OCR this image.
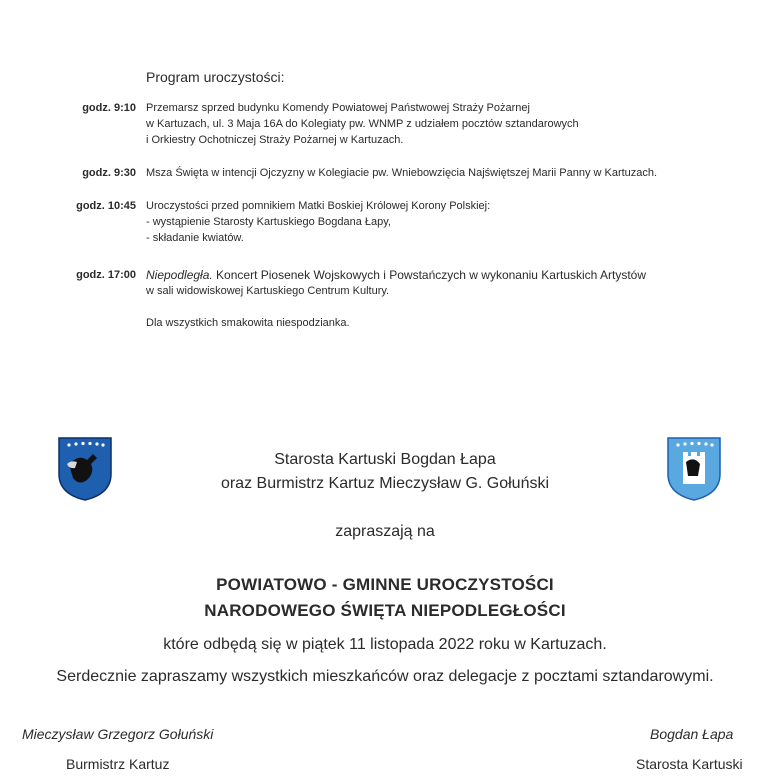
Program uroczystości:
godz. 9:10 Przemarsz sprzed budynku Komendy Powiatowej Państwowej Straży Pożarnej
w Kartuzach, ul. 3 Maja 16A do Kolegiaty pw. WNMP z udziałem pocztów sztandarowych
i Orkiestry Ochotniczej Straży Pożarnej w Kartuzach.
godz. 9:30 Msza Święta w intencji Ojczyzny w Kolegiacie pw. Wniebowzięcia Najświętszej Marii Panny w Kartuzach.
godz. 10:45 Uroczystości przed pomnikiem Matki Boskiej Królowej Korony Polskiej:
- wystąpienie Starosty Kartuskiego Bogdana Łapy,
- składanie kwiatów.
godz. 17:00 Niepodległa. Koncert Piosenek Wojskowych i Powstańczych w wykonaniu Kartuskich Artystów
w sali widowiskowej Kartuskiego Centrum Kultury.
Dla wszystkich smakowita niespodzianka.
Starosta Kartuski Bogdan Łapa
oraz Burmistrz Kartuz Mieczysław G. Gołuński
zapraszają na
POWIATOWO - GMINNE UROCZYSTOŚCI
NARODOWEGO ŚWIĘTA NIEPODLEGŁOŚCI
które odbędą się w piątek 11 listopada 2022 roku w Kartuzach.
Serdecznie zapraszamy wszystkich mieszkańców oraz delegacje z pocztami sztandarowymi.
Mieczysław Grzegorz Gołuński
Burmistrz Kartuz
Bogdan Łapa
Starosta Kartuski
